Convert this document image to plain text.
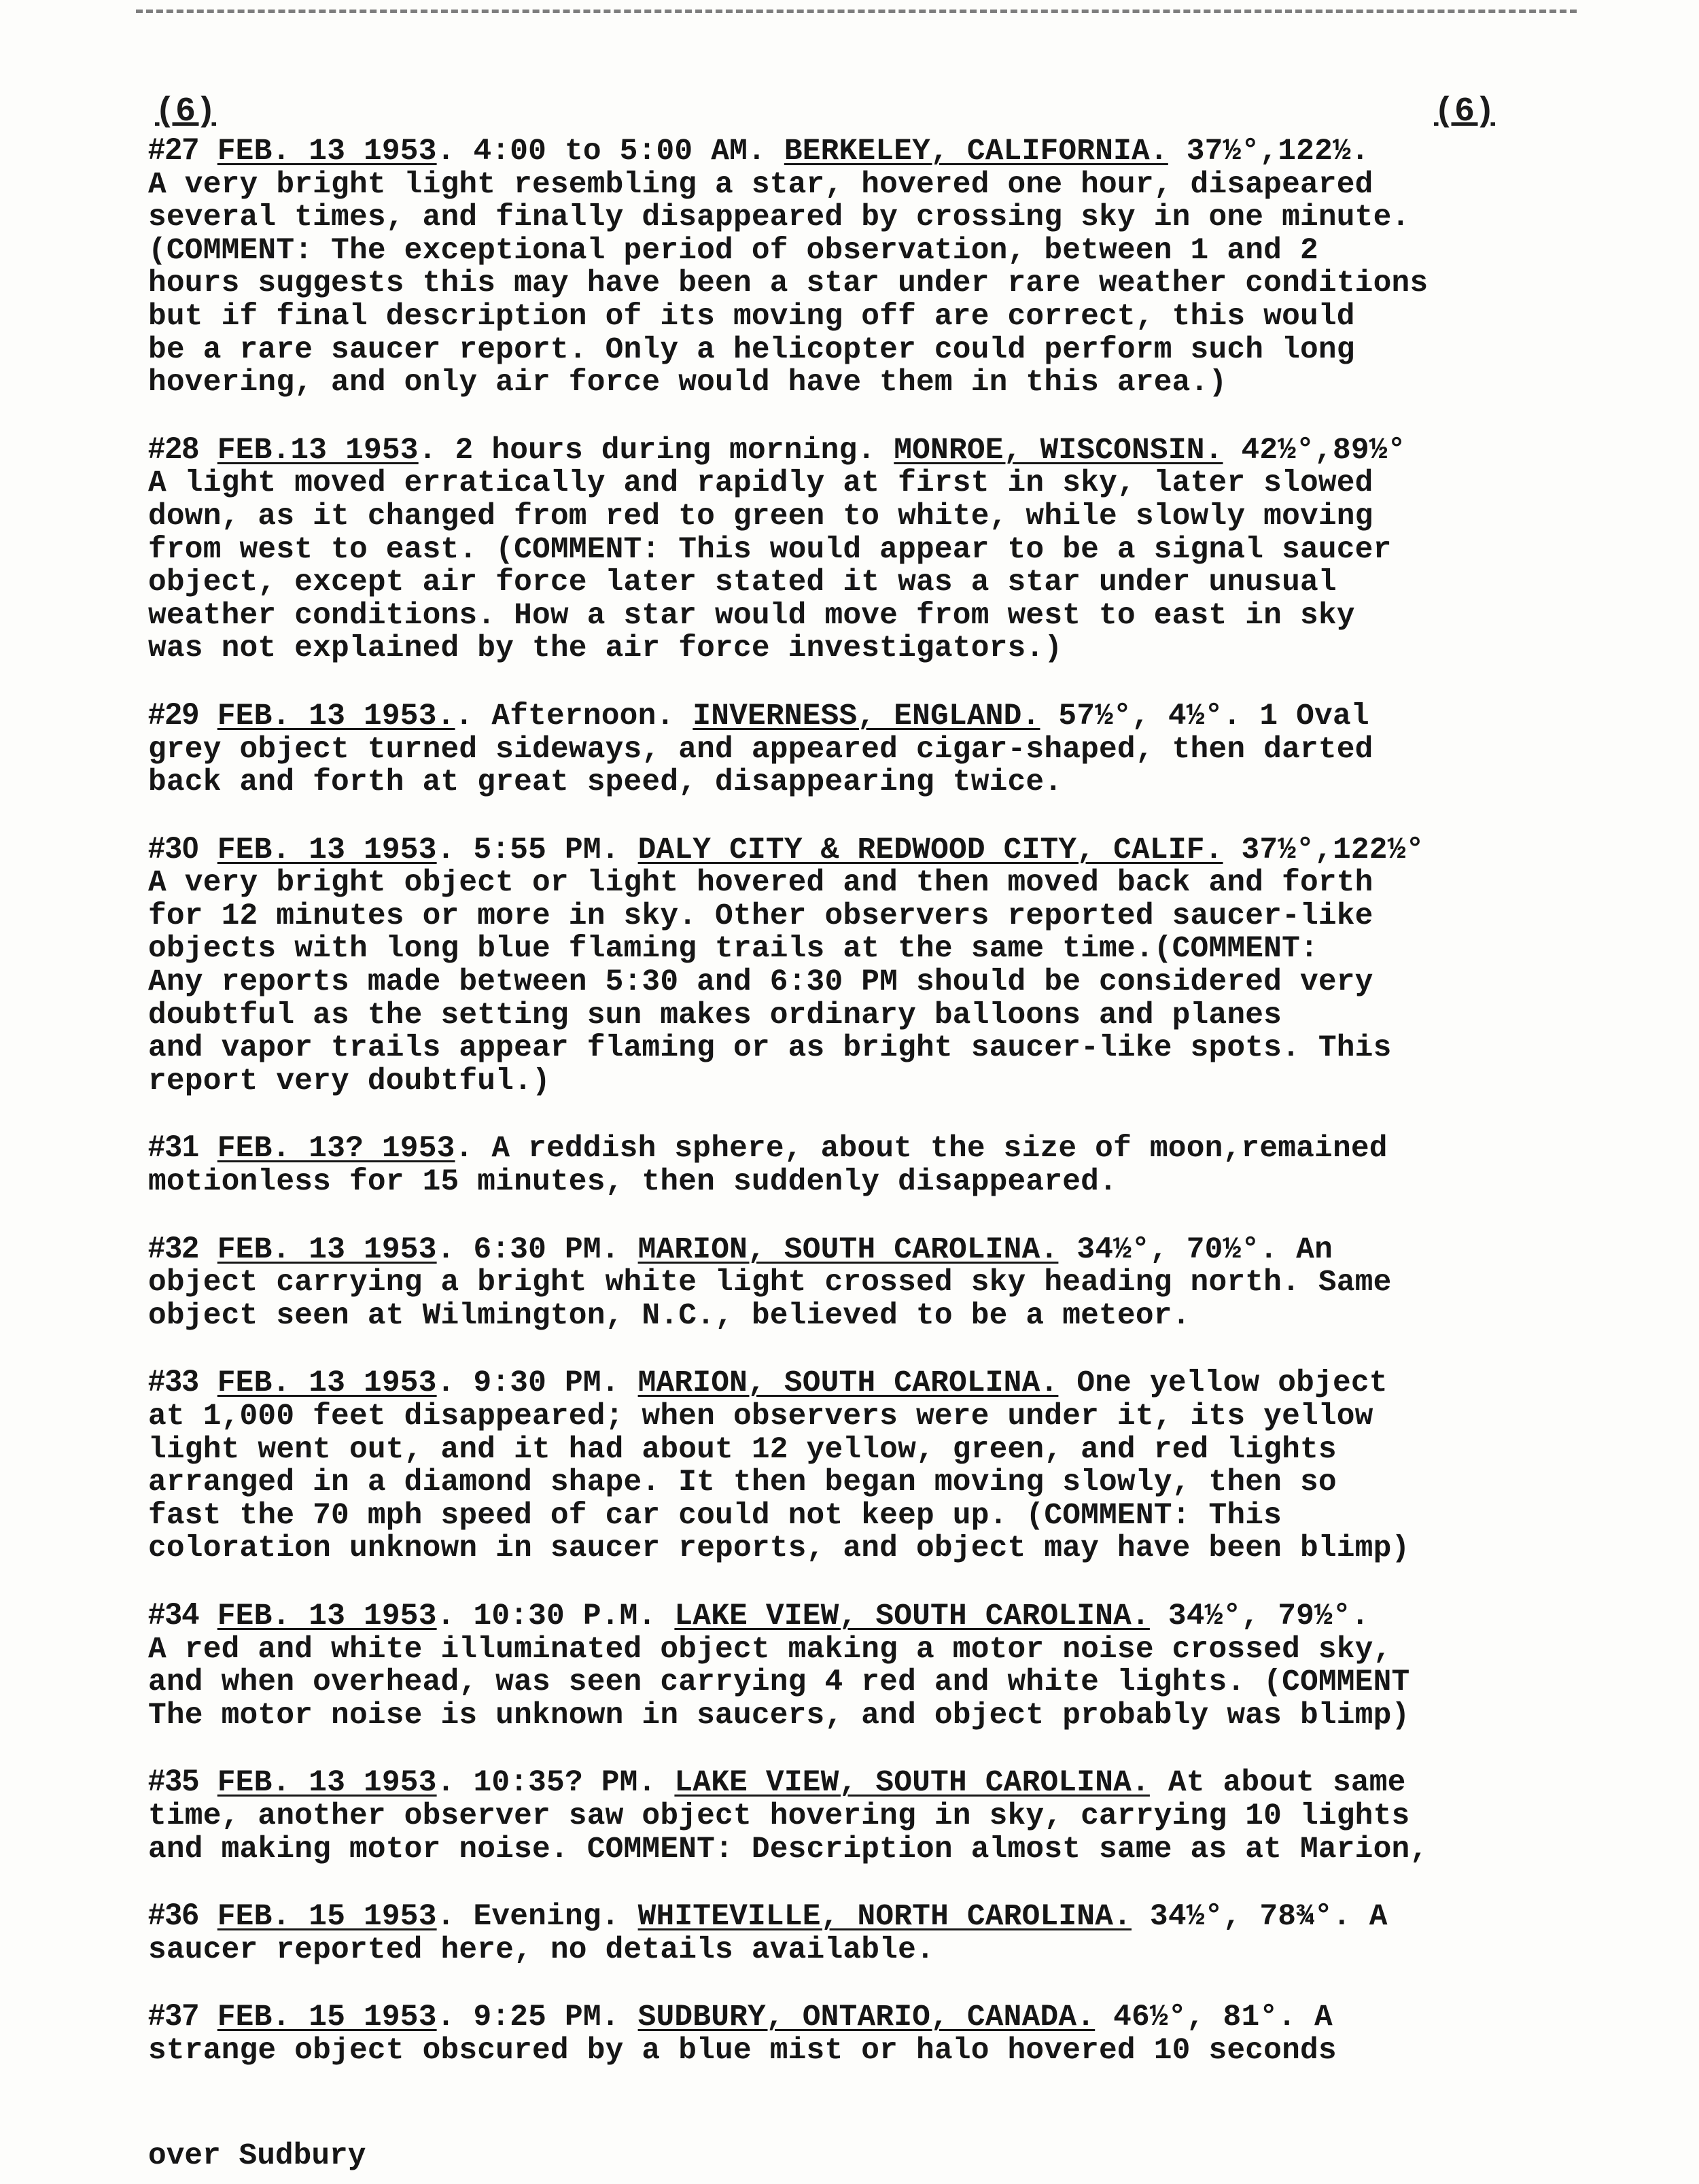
(6)	(6)

#27 FEB. 13 1953. 4:00 to 5:00 AM. BERKELEY, CALIFORNIA. 37½°,122½.

A very bright light resembling a star, hovered one hour, disapeared

several times, and finally disappeared by crossing sky in one minute.

(COMMENT: The exceptional period of observation, between 1 and 2

hours suggests this may have been a star under rare weather conditions

but if final description of its moving off are correct, this would

be a rare saucer report. Only a helicopter could perform such long

hovering, and only air force would have them in this area.)

#28 FEB.13 1953. 2 hours during morning. MONROE, WISCONSIN. 42½°,89½°

A light moved erratically and rapidly at first in sky, later slowed

down, as it changed from red to green to white, while slowly moving

from west to east. (COMMENT: This would appear to be a signal saucer

object, except air force later stated it was a star under unusual

weather conditions. How a star would move from west to east in sky

was not explained by the air force investigators.)

#29 FEB. 13 1953.. Afternoon. INVERNESS, ENGLAND. 57½°, 4½°. 1 Oval

grey object turned sideways, and appeared cigar-shaped, then darted

back and forth at great speed, disappearing twice.

#30 FEB. 13 1953. 5:55 PM. DALY CITY & REDWOOD CITY, CALIF. 37½°,122½°

A very bright object or light hovered and then moved back and forth

for 12 minutes or more in sky. Other observers reported saucer-like

objects with long blue flaming trails at the same time.(COMMENT:

Any reports made between 5:30 and 6:30 PM should be considered very

doubtful as the setting sun makes ordinary balloons and planes

and vapor trails appear flaming or as bright saucer-like spots. This

report very doubtful.)

#31 FEB. 13? 1953. A reddish sphere, about the size of moon,remained

motionless for 15 minutes, then suddenly disappeared.

#32 FEB. 13 1953. 6:30 PM. MARION, SOUTH CAROLINA. 34½°, 70½°. An

object carrying a bright white light crossed sky heading north. Same

object seen at Wilmington, N.C., believed to be a meteor.

#33 FEB. 13 1953. 9:30 PM. MARION, SOUTH CAROLINA. One yellow object

at 1,000 feet disappeared; when observers were under it, its yellow

light went out, and it had about 12 yellow, green, and red lights

arranged in a diamond shape. It then began moving slowly, then so

fast the 70 mph speed of car could not keep up. (COMMENT: This

coloration unknown in saucer reports, and object may have been blimp)

#34 FEB. 13 1953. 10:30 P.M. LAKE VIEW, SOUTH CAROLINA. 34½°, 79½°.

A red and white illuminated object making a motor noise crossed sky,

and when overhead, was seen carrying 4 red and white lights. (COMMENT

The motor noise is unknown in saucers, and object probably was blimp)

#35 FEB. 13 1953. 10:35? PM. LAKE VIEW, SOUTH CAROLINA. At about same

time, another observer saw object hovering in sky, carrying 10 lights

and making motor noise. COMMENT: Description almost same as at Marion,

#36 FEB. 15 1953. Evening. WHITEVILLE, NORTH CAROLINA. 34½°, 78¾°. A

saucer reported here, no details available.

#37 FEB. 15 1953. 9:25 PM. SUDBURY, ONTARIO, CANADA. 46½°, 81°. A

strange object obscured by a blue mist or halo hovered 10 seconds

over Sudbury
